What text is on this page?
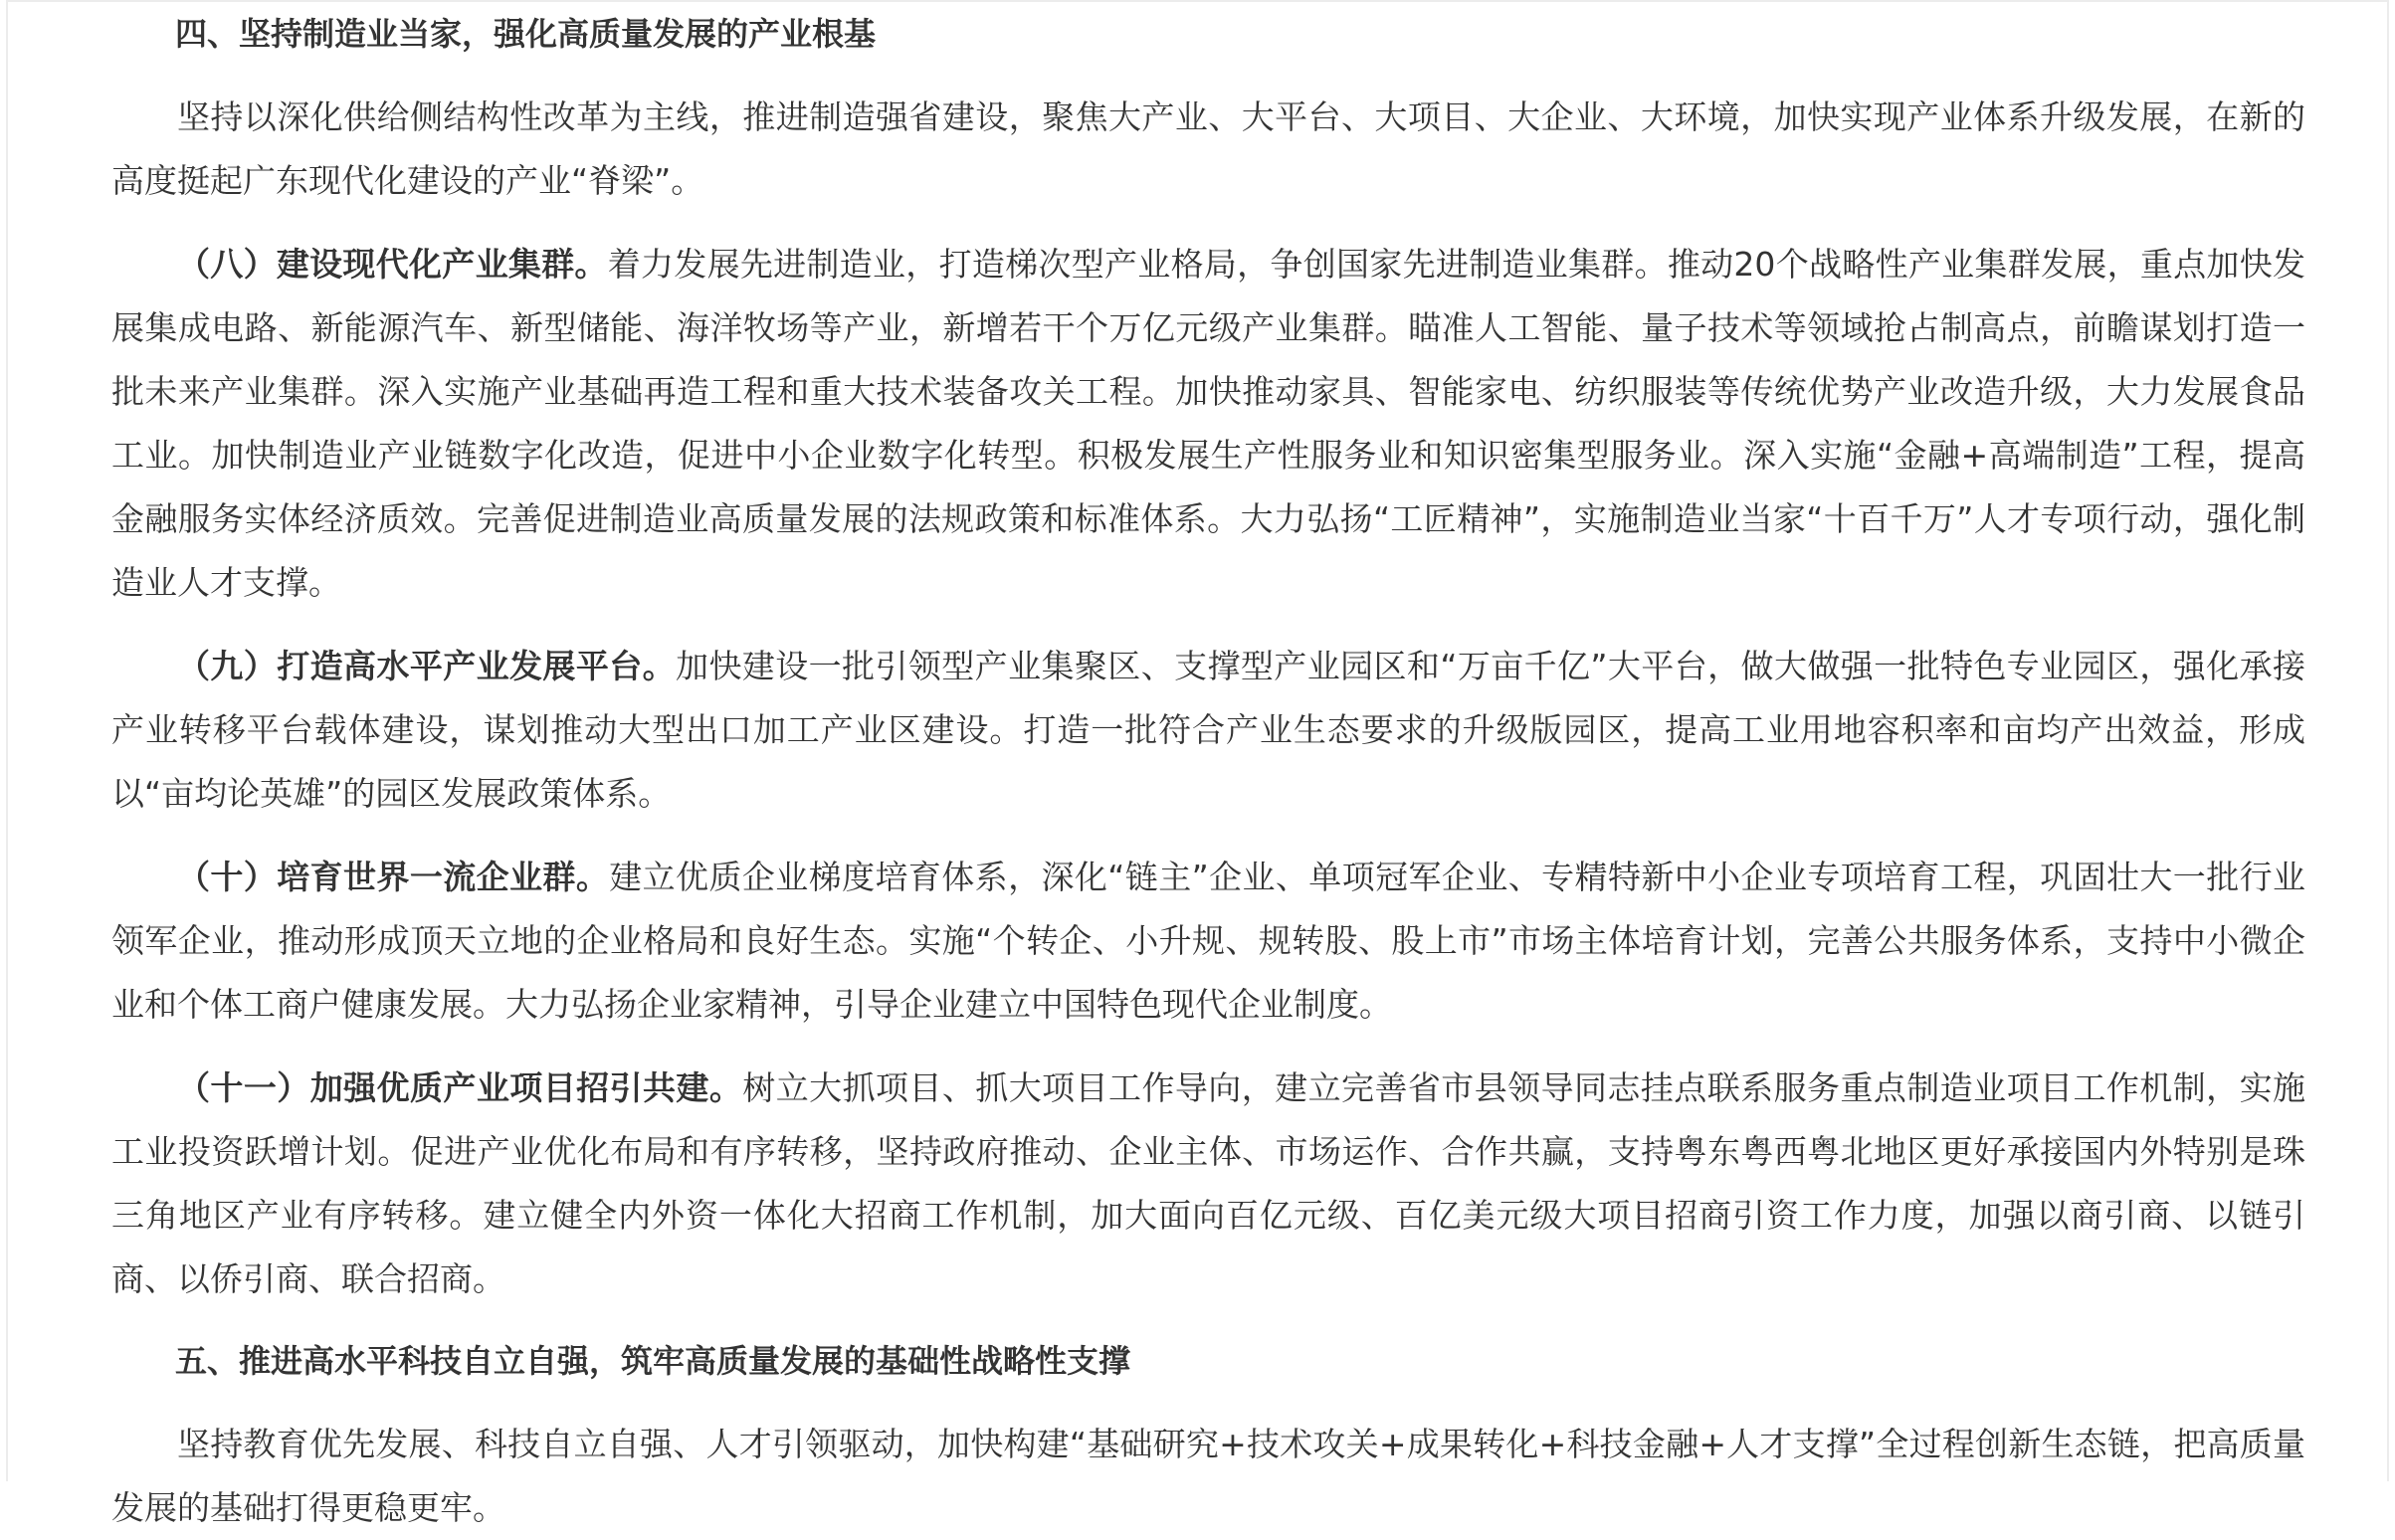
四、坚持制造业当家，强化高质量发展的产业根基

坚持以深化供给侧结构性改革为主线，推进制造强省建设，聚焦大产业、大平台、大项目、大企业、大环境，加快实现产业体系升级发展，在新的高度挺起广东现代化建设的产业“脊梁”。

（八）建设现代化产业集群。着力发展先进制造业，打造梯次型产业格局，争创国家先进制造业集群。推动20个战略性产业集群发展，重点加快发展集成电路、新能源汽车、新型储能、海洋牧场等产业，新增若干个万亿元级产业集群。瞄准人工智能、量子技术等领域抢占制高点，前瞻谋划打造一批未来产业集群。深入实施产业基础再造工程和重大技术装备攻关工程。加快推动家具、智能家电、纺织服装等传统优势产业改造升级，大力发展食品工业。加快制造业产业链数字化改造，促进中小企业数字化转型。积极发展生产性服务业和知识密集型服务业。深入实施“金融+高端制造”工程，提高金融服务实体经济质效。完善促进制造业高质量发展的法规政策和标准体系。大力弘扬“工匠精神”，实施制造业当家“十百千万”人才专项行动，强化制造业人才支撑。

（九）打造高水平产业发展平台。加快建设一批引领型产业集聚区、支撑型产业园区和“万亩千亿”大平台，做大做强一批特色专业园区，强化承接产业转移平台载体建设，谋划推动大型出口加工产业区建设。打造一批符合产业生态要求的升级版园区，提高工业用地容积率和亩均产出效益，形成以“亩均论英雄”的园区发展政策体系。

（十）培育世界一流企业群。建立优质企业梯度培育体系，深化“链主”企业、单项冠军企业、专精特新中小企业专项培育工程，巩固壮大一批行业领军企业，推动形成顶天立地的企业格局和良好生态。实施“个转企、小升规、规转股、股上市”市场主体培育计划，完善公共服务体系，支持中小微企业和个体工商户健康发展。大力弘扬企业家精神，引导企业建立中国特色现代企业制度。

（十一）加强优质产业项目招引共建。树立大抓项目、抓大项目工作导向，建立完善省市县领导同志挂点联系服务重点制造业项目工作机制，实施工业投资跃增计划。促进产业优化布局和有序转移，坚持政府推动、企业主体、市场运作、合作共赢，支持粤东粤西粤北地区更好承接国内外特别是珠三角地区产业有序转移。建立健全内外资一体化大招商工作机制，加大面向百亿元级、百亿美元级大项目招商引资工作力度，加强以商引商、以链引商、以侨引商、联合招商。

五、推进高水平科技自立自强，筑牢高质量发展的基础性战略性支撑

坚持教育优先发展、科技自立自强、人才引领驱动，加快构建“基础研究+技术攻关+成果转化+科技金融+人才支撑”全过程创新生态链，把高质量发展的基础打得更稳更牢。
